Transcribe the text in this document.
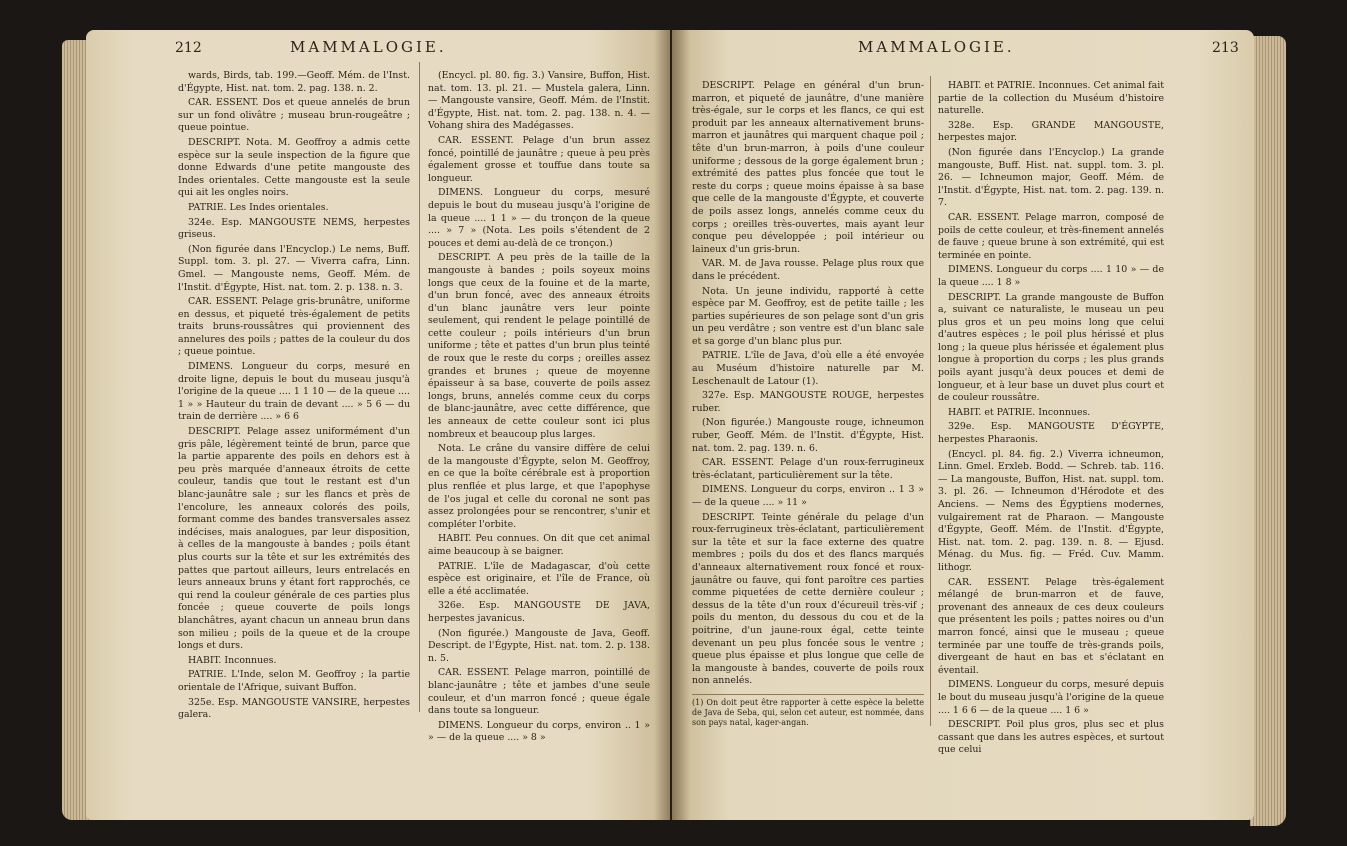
212	MAMMALOGIE.	MAMMALOGIE.	213

wards, Birds, tab. 199.—Geoff. Mém. de l'Inst. d'Égypte, Hist. nat. tom. 2. pag. 138. n. 2.

CAR. ESSENT. Dos et queue annelés de brun sur un fond olivâtre ; museau brun-rougeâtre ; queue pointue.

DESCRIPT. Nota. M. Geoffroy a admis cette espèce sur la seule inspection de la figure que donne Edwards d'une petite mangouste des Indes orientales. Cette mangouste est la seule qui ait les ongles noirs.

PATRIE. Les Indes orientales.

324e. Esp. MANGOUSTE NEMS, herpestes griseus.

(Non figurée dans l'Encyclop.) Le nems, Buff. Suppl. tom. 3. pl. 27. — Viverra cafra, Linn. Gmel. — Mangouste nems, Geoff. Mém. de l'Instit. d'Égypte, Hist. nat. tom. 2. p. 138. n. 3.

CAR. ESSENT. Pelage gris-brunâtre, uniforme en dessus, et piqueté très-également de petits traits bruns-roussâtres qui proviennent des annelures des poils ; pattes de la couleur du dos ; queue pointue.

DIMENS. Longueur du corps, mesuré en droite ligne, depuis le bout du museau jusqu'à l'origine de la queue .... 1 1 10 — de la queue .... 1 » » Hauteur du train de devant .... » 5 6 — du train de derrière .... » 6 6

DESCRIPT. Pelage assez uniformément d'un gris pâle, légèrement teinté de brun, parce que la partie apparente des poils en dehors est à peu près marquée d'anneaux étroits de cette couleur, tandis que tout le restant est d'un blanc-jaunâtre sale ; sur les flancs et près de l'encolure, les anneaux colorés des poils, formant comme des bandes transversales assez indécises, mais analogues, par leur disposition, à celles de la mangouste à bandes ; poils étant plus courts sur la tête et sur les extrémités des pattes que partout ailleurs, leurs entrelacés en leurs anneaux bruns y étant fort rapprochés, ce qui rend la couleur générale de ces parties plus foncée ; queue couverte de poils longs blanchâtres, ayant chacun un anneau brun dans son milieu ; poils de la queue et de la croupe longs et durs.

HABIT. Inconnues.

PATRIE. L'Inde, selon M. Geoffroy ; la partie orientale de l'Afrique, suivant Buffon.

325e. Esp. MANGOUSTE VANSIRE, herpestes galera.

(Encycl. pl. 80. fig. 3.) Vansire, Buffon, Hist. nat. tom. 13. pl. 21. — Mustela galera, Linn. — Mangouste vansire, Geoff. Mém. de l'Instit. d'Égypte, Hist. nat. tom. 2. pag. 138. n. 4. — Vohang shira des Madégasses.

CAR. ESSENT. Pelage d'un brun assez foncé, pointillé de jaunâtre ; queue à peu près également grosse et touffue dans toute sa longueur.

DIMENS. Longueur du corps, mesuré depuis le bout du museau jusqu'à l'origine de la queue .... 1 1 » — du tronçon de la queue .... » 7 » (Nota. Les poils s'étendent de 2 pouces et demi au-delà de ce tronçon.)

DESCRIPT. A peu près de la taille de la mangouste à bandes ; poils soyeux moins longs que ceux de la fouine et de la marte, d'un brun foncé, avec des anneaux étroits d'un blanc jaunâtre vers leur pointe seulement, qui rendent le pelage pointillé de cette couleur ; poils intérieurs d'un brun uniforme ; tête et pattes d'un brun plus teinté de roux que le reste du corps ; oreilles assez grandes et brunes ; queue de moyenne épaisseur à sa base, couverte de poils assez longs, bruns, annelés comme ceux du corps de blanc-jaunâtre, avec cette différence, que les anneaux de cette couleur sont ici plus nombreux et beaucoup plus larges.

Nota. Le crâne du vansire diffère de celui de la mangouste d'Égypte, selon M. Geoffroy, en ce que la boîte cérébrale est à proportion plus renflée et plus large, et que l'apophyse de l'os jugal et celle du coronal ne sont pas assez prolongées pour se rencontrer, s'unir et compléter l'orbite.

HABIT. Peu connues. On dit que cet animal aime beaucoup à se baigner.

PATRIE. L'île de Madagascar, d'où cette espèce est originaire, et l'île de France, où elle a été acclimatée.

326e. Esp. MANGOUSTE DE JAVA, herpestes javanicus.

(Non figurée.) Mangouste de Java, Geoff. Descript. de l'Égypte, Hist. nat. tom. 2. p. 138. n. 5.

CAR. ESSENT. Pelage marron, pointillé de blanc-jaunâtre ; tête et jambes d'une seule couleur, et d'un marron foncé ; queue égale dans toute sa longueur.

DIMENS. Longueur du corps, environ .. 1 » » — de la queue .... » 8 »

DESCRIPT. Pelage en général d'un brun-marron, et piqueté de jaunâtre, d'une manière très-égale, sur le corps et les flancs, ce qui est produit par les anneaux alternativement bruns-marron et jaunâtres qui marquent chaque poil ; tête d'un brun-marron, à poils d'une couleur uniforme ; dessous de la gorge également brun ; extrémité des pattes plus foncée que tout le reste du corps ; queue moins épaisse à sa base que celle de la mangouste d'Égypte, et couverte de poils assez longs, annelés comme ceux du corps ; oreilles très-ouvertes, mais ayant leur conque peu développée ; poil intérieur ou laineux d'un gris-brun.

VAR. M. de Java rousse. Pelage plus roux que dans le précédent.

Nota. Un jeune individu, rapporté à cette espèce par M. Geoffroy, est de petite taille ; les parties supérieures de son pelage sont d'un gris un peu verdâtre ; son ventre est d'un blanc sale et sa gorge d'un blanc plus pur.

PATRIE. L'île de Java, d'où elle a été envoyée au Muséum d'histoire naturelle par M. Leschenault de Latour (1).

327e. Esp. MANGOUSTE ROUGE, herpestes ruber.

(Non figurée.) Mangouste rouge, ichneumon ruber, Geoff. Mém. de l'Instit. d'Égypte, Hist. nat. tom. 2. pag. 139. n. 6.

CAR. ESSENT. Pelage d'un roux-ferrugineux très-éclatant, particulièrement sur la tête.

DIMENS. Longueur du corps, environ .. 1 3 » — de la queue .... » 11 »

DESCRIPT. Teinte générale du pelage d'un roux-ferrugineux très-éclatant, particulièrement sur la tête et sur la face externe des quatre membres ; poils du dos et des flancs marqués d'anneaux alternativement roux foncé et roux-jaunâtre ou fauve, qui font paroître ces parties comme piquetées de cette dernière couleur ; dessus de la tête d'un roux d'écureuil très-vif ; poils du menton, du dessous du cou et de la poitrine, d'un jaune-roux égal, cette teinte devenant un peu plus foncée sous le ventre ; queue plus épaisse et plus longue que celle de la mangouste à bandes, couverte de poils roux non annelés.

(1) On doit peut être rapporter à cette espèce la belette de Java de Seba, qui, selon cet auteur, est nommée, dans son pays natal, kager-angan.

HABIT. et PATRIE. Inconnues. Cet animal fait partie de la collection du Muséum d'histoire naturelle.

328e. Esp. GRANDE MANGOUSTE, herpestes major.

(Non figurée dans l'Encyclop.) La grande mangouste, Buff. Hist. nat. suppl. tom. 3. pl. 26. — Ichneumon major, Geoff. Mém. de l'Instit. d'Égypte, Hist. nat. tom. 2. pag. 139. n. 7.

CAR. ESSENT. Pelage marron, composé de poils de cette couleur, et très-finement annelés de fauve ; queue brune à son extrémité, qui est terminée en pointe.

DIMENS. Longueur du corps .... 1 10 » — de la queue .... 1 8 »

DESCRIPT. La grande mangouste de Buffon a, suivant ce naturaliste, le museau un peu plus gros et un peu moins long que celui d'autres espèces ; le poil plus hérissé et plus long ; la queue plus hérissée et également plus longue à proportion du corps ; les plus grands poils ayant jusqu'à deux pouces et demi de longueur, et à leur base un duvet plus court et de couleur roussâtre.

HABIT. et PATRIE. Inconnues.

329e. Esp. MANGOUSTE D'ÉGYPTE, herpestes Pharaonis.

(Encycl. pl. 84. fig. 2.) Viverra ichneumon, Linn. Gmel. Erxleb. Bodd. — Schreb. tab. 116. — La mangouste, Buffon, Hist. nat. suppl. tom. 3. pl. 26. — Ichneumon d'Hérodote et des Anciens. — Nems des Égyptiens modernes, vulgairement rat de Pharaon. — Mangouste d'Égypte, Geoff. Mém. de l'Instit. d'Égypte, Hist. nat. tom. 2. pag. 139. n. 8. — Ejusd. Ménag. du Mus. fig. — Fréd. Cuv. Mamm. lithogr.

CAR. ESSENT. Pelage très-également mélangé de brun-marron et de fauve, provenant des anneaux de ces deux couleurs que présentent les poils ; pattes noires ou d'un marron foncé, ainsi que le museau ; queue terminée par une touffe de très-grands poils, divergeant de haut en bas et s'éclatant en éventail.

DIMENS. Longueur du corps, mesuré depuis le bout du museau jusqu'à l'origine de la queue .... 1 6 6 — de la queue .... 1 6 »

DESCRIPT. Poil plus gros, plus sec et plus cassant que dans les autres espèces, et surtout que celui
